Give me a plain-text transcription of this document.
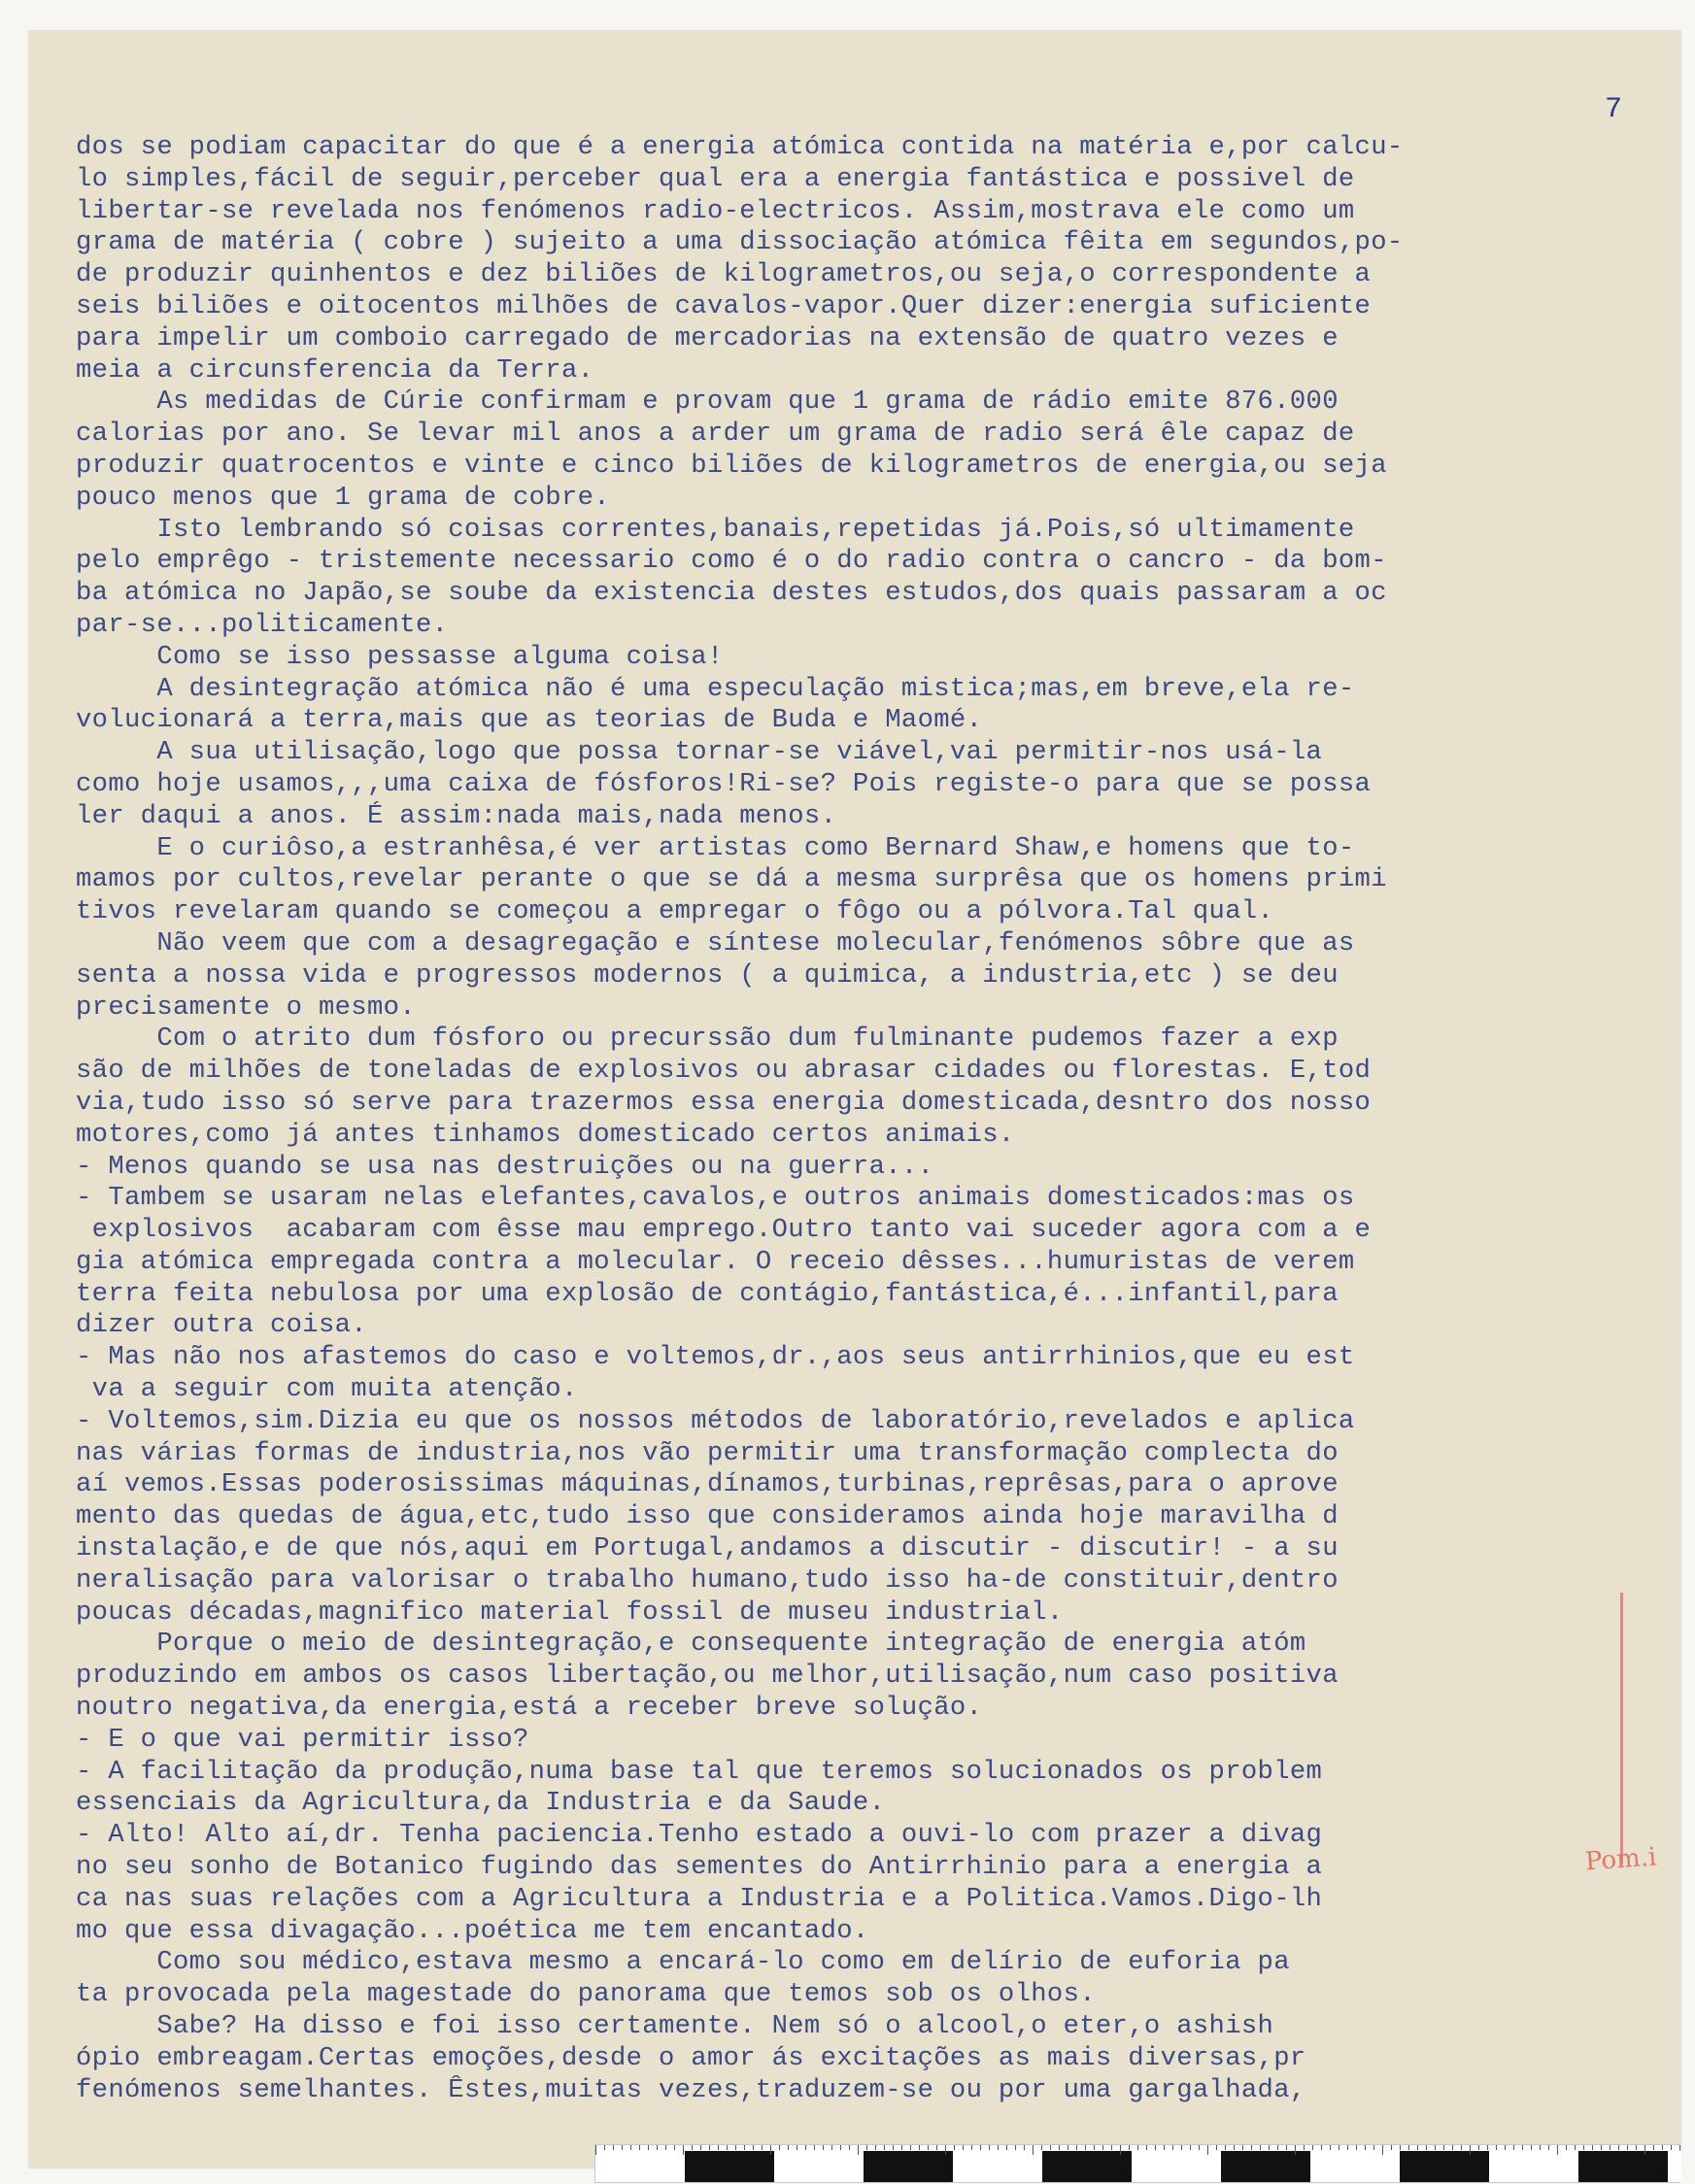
7
dos se podiam capacitar do que é a energia atómica contida na matéria e,por calcu-
lo simples,fácil de seguir,perceber qual era a energia fantástica e possivel de
libertar-se revelada nos fenómenos radio-electricos. Assim,mostrava ele como um
grama de matéria ( cobre ) sujeito a uma dissociação atómica fêita em segundos,po-
de produzir quinhentos e dez biliões de kilogrametros,ou seja,o correspondente a
seis biliões e oitocentos milhões de cavalos-vapor.Quer dizer:energia suficiente
para impelir um comboio carregado de mercadorias na extensão de quatro vezes e
meia a circunsferencia da Terra.
As medidas de Cúrie confirmam e provam que 1 grama de rádio emite 876.000
calorias por ano. Se levar mil anos a arder um grama de radio será êle capaz de
produzir quatrocentos e vinte e cinco biliões de kilogrametros de energia,ou seja
pouco menos que 1 grama de cobre.
Isto lembrando só coisas correntes,banais,repetidas já.Pois,só ultimamente
pelo emprêgo - tristemente necessario como é o do radio contra o cancro - da bom-
ba atómica no Japão,se soube da existencia destes estudos,dos quais passaram a oc
par-se...politicamente.
Como se isso pessasse alguma coisa!
A desintegração atómica não é uma especulação mistica;mas,em breve,ela re-
volucionará a terra,mais que as teorias de Buda e Maomé.
A sua utilisação,logo que possa tornar-se viável,vai permitir-nos usá-la
como hoje usamos,,,uma caixa de fósforos!Ri-se? Pois registe-o para que se possa
ler daqui a anos. É assim:nada mais,nada menos.
E o curiôso,a estranhêsa,é ver artistas como Bernard Shaw,e homens que to-
mamos por cultos,revelar perante o que se dá a mesma surprêsa que os homens primi
tivos revelaram quando se começou a empregar o fôgo ou a pólvora.Tal qual.
Não veem que com a desagregação e síntese molecular,fenómenos sôbre que as
senta a nossa vida e progressos modernos ( a quimica, a industria,etc ) se deu
precisamente o mesmo.
Com o atrito dum fósforo ou precurssão dum fulminante pudemos fazer a exp
são de milhões de toneladas de explosivos ou abrasar cidades ou florestas. E,tod
via,tudo isso só serve para trazermos essa energia domesticada,desntro dos nosso
motores,como já antes tinhamos domesticado certos animais.
- Menos quando se usa nas destruições ou na guerra...
- Tambem se usaram nelas elefantes,cavalos,e outros animais domesticados:mas os
explosivos  acabaram com êsse mau emprego.Outro tanto vai suceder agora com a e
gia atómica empregada contra a molecular. O receio dêsses...humuristas de verem
terra feita nebulosa por uma explosão de contágio,fantástica,é...infantil,para
dizer outra coisa.
- Mas não nos afastemos do caso e voltemos,dr.,aos seus antirrhinios,que eu est
va a seguir com muita atenção.
- Voltemos,sim.Dizia eu que os nossos métodos de laboratório,revelados e aplica
nas várias formas de industria,nos vão permitir uma transformação complecta do
aí vemos.Essas poderosissimas máquinas,dínamos,turbinas,reprêsas,para o aprove
mento das quedas de água,etc,tudo isso que consideramos ainda hoje maravilha d
instalação,e de que nós,aqui em Portugal,andamos a discutir - discutir! - a su
neralisação para valorisar o trabalho humano,tudo isso ha-de constituir,dentro
poucas décadas,magnifico material fossil de museu industrial.
Porque o meio de desintegração,e consequente integração de energia atóm
produzindo em ambos os casos libertação,ou melhor,utilisação,num caso positiva
noutro negativa,da energia,está a receber breve solução.
- E o que vai permitir isso?
- A facilitação da produção,numa base tal que teremos solucionados os problem
essenciais da Agricultura,da Industria e da Saude.
- Alto! Alto aí,dr. Tenha paciencia.Tenho estado a ouvi-lo com prazer a divag
no seu sonho de Botanico fugindo das sementes do Antirrhinio para a energia a
ca nas suas relações com a Agricultura a Industria e a Politica.Vamos.Digo-lh
mo que essa divagação...poética me tem encantado.
Como sou médico,estava mesmo a encará-lo como em delírio de euforia pa
ta provocada pela magestade do panorama que temos sob os olhos.
Sabe? Ha disso e foi isso certamente. Nem só o alcool,o eter,o ashish
ópio embreagam.Certas emoções,desde o amor ás excitações as mais diversas,pr
fenómenos semelhantes. Êstes,muitas vezes,traduzem-se ou por uma gargalhada,
Pom.i
